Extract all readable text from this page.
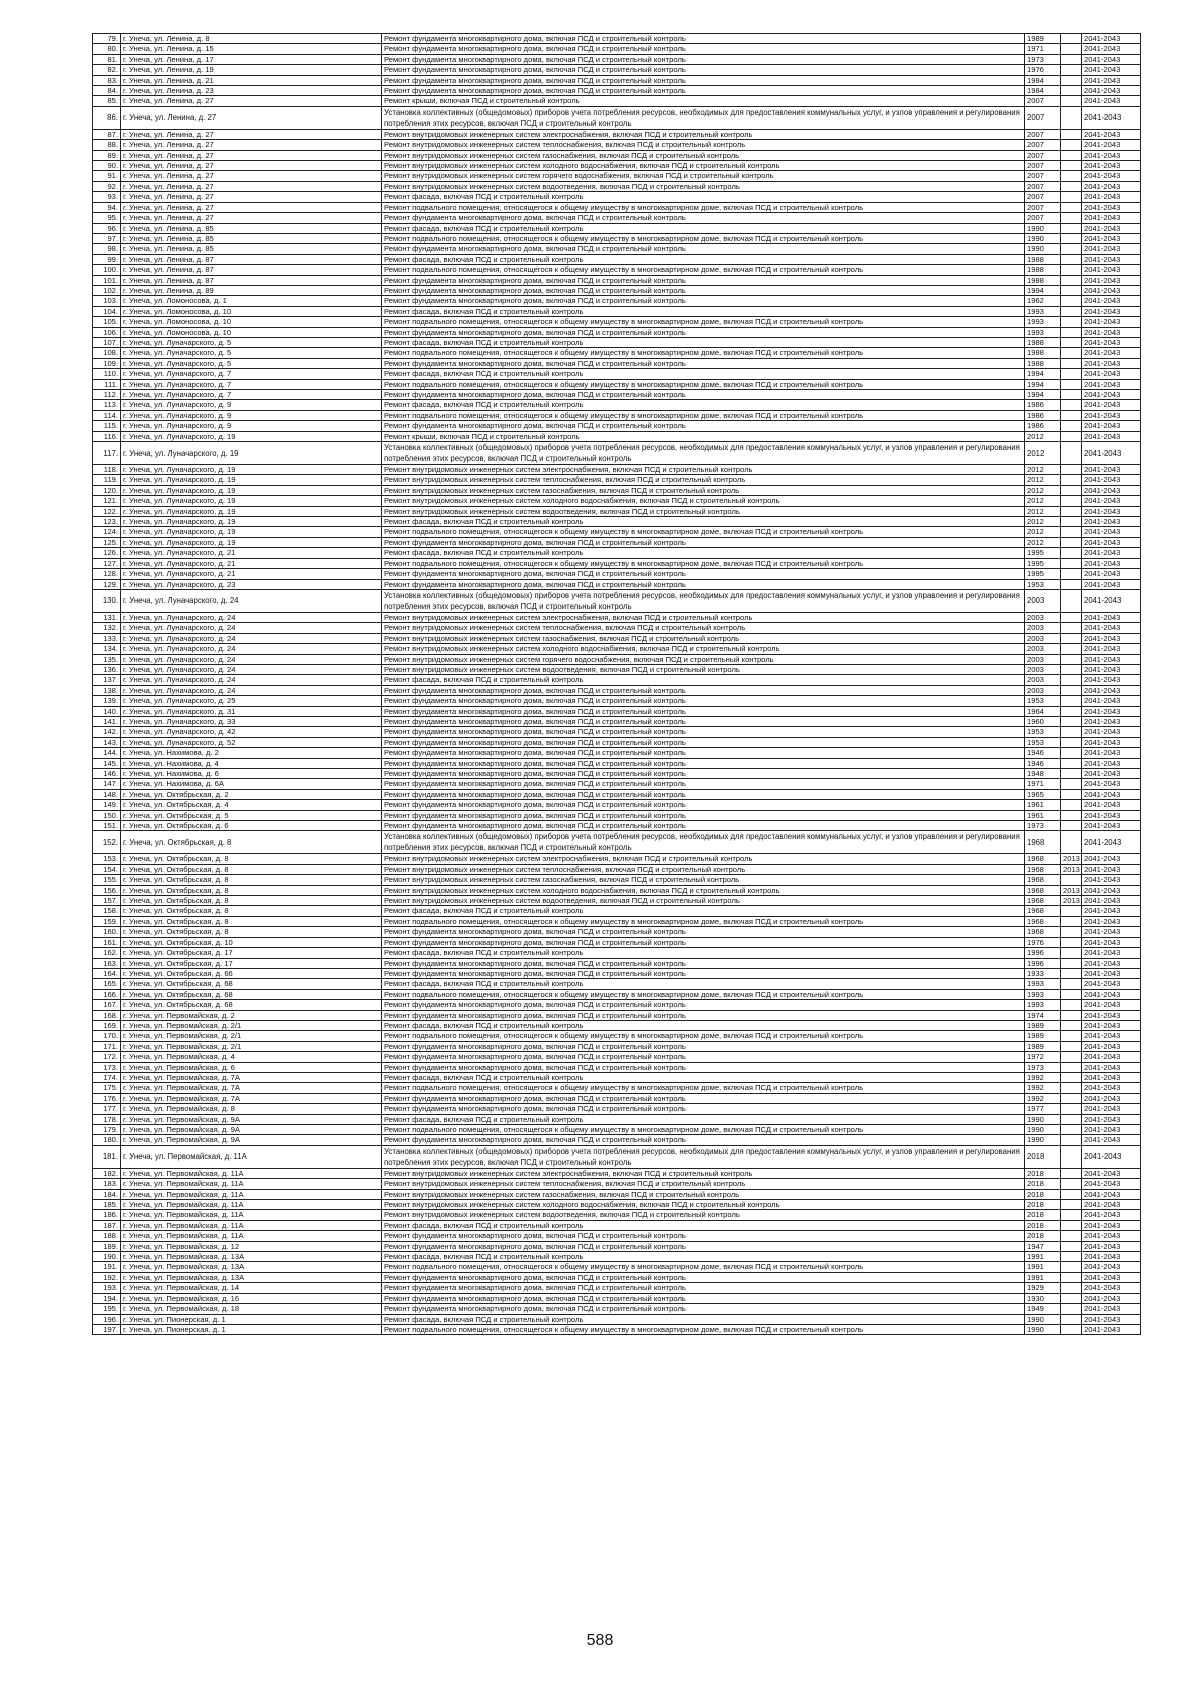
79.	г. Унеча, ул. Ленина, д. 8	Ремонт фундамента многоквартирного дома, включая ПСД и строительный контроль	1989		2041-2043
80.	г. Унеча, ул. Ленина, д. 15	Ремонт фундамента многоквартирного дома, включая ПСД и строительный контроль	1971		2041-2043
81.	г. Унеча, ул. Ленина, д. 17	Ремонт фундамента многоквартирного дома, включая ПСД и строительный контроль	1973		2041-2043
82.	г. Унеча, ул. Ленина, д. 19	Ремонт фундамента многоквартирного дома, включая ПСД и строительный контроль	1976		2041-2043
83.	г. Унеча, ул. Ленина, д. 21	Ремонт фундамента многоквартирного дома, включая ПСД и строительный контроль	1984		2041-2043
84.	г. Унеча, ул. Ленина, д. 23	Ремонт фундамента многоквартирного дома, включая ПСД и строительный контроль	1984		2041-2043
85.	г. Унеча, ул. Ленина, д. 27	Ремонт крыши, включая ПСД и строительный контроль	2007		2041-2043
86.	г. Унеча, ул. Ленина, д. 27	Установка коллективных (общедомовых) приборов учета потребления ресурсов, необходимых для предоставления коммунальных услуг, и узлов управления и регулирования потребления этих ресурсов, включая ПСД и строительный контроль	2007		2041-2043
87.	г. Унеча, ул. Ленина, д. 27	Ремонт внутридомовых инженерных систем электроснабжения, включая ПСД и строительный контроль	2007		2041-2043
88.	г. Унеча, ул. Ленина, д. 27	Ремонт внутридомовых инженерных систем теплоснабжения, включая ПСД и строительный контроль	2007		2041-2043
89.	г. Унеча, ул. Ленина, д. 27	Ремонт внутридомовых инженерных систем газоснабжения, включая ПСД и строительный контроль	2007		2041-2043
90.	г. Унеча, ул. Ленина, д. 27	Ремонт внутридомовых инженерных систем холодного водоснабжения, включая ПСД и строительный контроль	2007		2041-2043
91.	г. Унеча, ул. Ленина, д. 27	Ремонт внутридомовых инженерных систем горячего водоснабжения, включая ПСД и строительный контроль	2007		2041-2043
92.	г. Унеча, ул. Ленина, д. 27	Ремонт внутридомовых инженерных систем водоотведения, включая ПСД и строительный контроль	2007		2041-2043
93.	г. Унеча, ул. Ленина, д. 27	Ремонт фасада, включая ПСД и строительный контроль	2007		2041-2043
94.	г. Унеча, ул. Ленина, д. 27	Ремонт подвального помещения, относящегося к общему имуществу в многоквартирном доме, включая ПСД и строительный контроль	2007		2041-2043
95.	г. Унеча, ул. Ленина, д. 27	Ремонт фундамента многоквартирного дома, включая ПСД и строительный контроль	2007		2041-2043
96.	г. Унеча, ул. Ленина, д. 85	Ремонт фасада, включая ПСД и строительный контроль	1990		2041-2043
97.	г. Унеча, ул. Ленина, д. 85	Ремонт подвального помещения, относящегося к общему имуществу в многоквартирном доме, включая ПСД и строительный контроль	1990		2041-2043
98.	г. Унеча, ул. Ленина, д. 85	Ремонт фундамента многоквартирного дома, включая ПСД и строительный контроль	1990		2041-2043
99.	г. Унеча, ул. Ленина, д. 87	Ремонт фасада, включая ПСД и строительный контроль	1988		2041-2043
100.	г. Унеча, ул. Ленина, д. 87	Ремонт подвального помещения, относящегося к общему имуществу в многоквартирном доме, включая ПСД и строительный контроль	1988		2041-2043
101.	г. Унеча, ул. Ленина, д. 87	Ремонт фундамента многоквартирного дома, включая ПСД и строительный контроль	1988		2041-2043
102.	г. Унеча, ул. Ленина, д. 89	Ремонт фундамента многоквартирного дома, включая ПСД и строительный контроль	1994		2041-2043
103.	г. Унеча, ул. Ломоносова, д. 1	Ремонт фундамента многоквартирного дома, включая ПСД и строительный контроль	1962		2041-2043
104.	г. Унеча, ул. Ломоносова, д. 10	Ремонт фасада, включая ПСД и строительный контроль	1993		2041-2043
105.	г. Унеча, ул. Ломоносова, д. 10	Ремонт подвального помещения, относящегося к общему имуществу в многоквартирном доме, включая ПСД и строительный контроль	1993		2041-2043
106.	г. Унеча, ул. Ломоносова, д. 10	Ремонт фундамента многоквартирного дома, включая ПСД и строительный контроль	1993		2041-2043
107.	г. Унеча, ул. Луначарского, д. 5	Ремонт фасада, включая ПСД и строительный контроль	1988		2041-2043
108.	г. Унеча, ул. Луначарского, д. 5	Ремонт подвального помещения, относящегося к общему имуществу в многоквартирном доме, включая ПСД и строительный контроль	1988		2041-2043
109.	г. Унеча, ул. Луначарского, д. 5	Ремонт фундамента многоквартирного дома, включая ПСД и строительный контроль	1988		2041-2043
110.	г. Унеча, ул. Луначарского, д. 7	Ремонт фасада, включая ПСД и строительный контроль	1994		2041-2043
111.	г. Унеча, ул. Луначарского, д. 7	Ремонт подвального помещения, относящегося к общему имуществу в многоквартирном доме, включая ПСД и строительный контроль	1994		2041-2043
112.	г. Унеча, ул. Луначарского, д. 7	Ремонт фундамента многоквартирного дома, включая ПСД и строительный контроль	1994		2041-2043
113.	г. Унеча, ул. Луначарского, д. 9	Ремонт фасада, включая ПСД и строительный контроль	1986		2041-2043
114.	г. Унеча, ул. Луначарского, д. 9	Ремонт подвального помещения, относящегося к общему имуществу в многоквартирном доме, включая ПСД и строительный контроль	1986		2041-2043
115.	г. Унеча, ул. Луначарского, д. 9	Ремонт фундамента многоквартирного дома, включая ПСД и строительный контроль	1986		2041-2043
116.	г. Унеча, ул. Луначарского, д. 19	Ремонт крыши, включая ПСД и строительный контроль	2012		2041-2043
117.	г. Унеча, ул. Луначарского, д. 19	Установка коллективных (общедомовых) приборов учета потребления ресурсов, необходимых для предоставления коммунальных услуг, и узлов управления и регулирования потребления этих ресурсов, включая ПСД и строительный контроль	2012		2041-2043
118.	г. Унеча, ул. Луначарского, д. 19	Ремонт внутридомовых инженерных систем электроснабжения, включая ПСД и строительный контроль	2012		2041-2043
119.	г. Унеча, ул. Луначарского, д. 19	Ремонт внутридомовых инженерных систем теплоснабжения, включая ПСД и строительный контроль	2012		2041-2043
120.	г. Унеча, ул. Луначарского, д. 19	Ремонт внутридомовых инженерных систем газоснабжения, включая ПСД и строительный контроль	2012		2041-2043
121.	г. Унеча, ул. Луначарского, д. 19	Ремонт внутридомовых инженерных систем холодного водоснабжения, включая ПСД и строительный контроль	2012		2041-2043
122.	г. Унеча, ул. Луначарского, д. 19	Ремонт внутридомовых инженерных систем водоотведения, включая ПСД и строительный контроль	2012		2041-2043
123.	г. Унеча, ул. Луначарского, д. 19	Ремонт фасада, включая ПСД и строительный контроль	2012		2041-2043
124.	г. Унеча, ул. Луначарского, д. 19	Ремонт подвального помещения, относящегося к общему имуществу в многоквартирном доме, включая ПСД и строительный контроль	2012		2041-2043
125.	г. Унеча, ул. Луначарского, д. 19	Ремонт фундамента многоквартирного дома, включая ПСД и строительный контроль	2012		2041-2043
126.	г. Унеча, ул. Луначарского, д. 21	Ремонт фасада, включая ПСД и строительный контроль	1995		2041-2043
127.	г. Унеча, ул. Луначарского, д. 21	Ремонт подвального помещения, относящегося к общему имуществу в многоквартирном доме, включая ПСД и строительный контроль	1995		2041-2043
128.	г. Унеча, ул. Луначарского, д. 21	Ремонт фундамента многоквартирного дома, включая ПСД и строительный контроль	1995		2041-2043
129.	г. Унеча, ул. Луначарского, д. 23	Ремонт фундамента многоквартирного дома, включая ПСД и строительный контроль	1953		2041-2043
130.	г. Унеча, ул. Луначарского, д. 24	Установка коллективных (общедомовых) приборов учета потребления ресурсов, необходимых для предоставления коммунальных услуг, и узлов управления и регулирования потребления этих ресурсов, включая ПСД и строительный контроль	2003		2041-2043
131.	г. Унеча, ул. Луначарского, д. 24	Ремонт внутридомовых инженерных систем электроснабжения, включая ПСД и строительный контроль	2003		2041-2043
132.	г. Унеча, ул. Луначарского, д. 24	Ремонт внутридомовых инженерных систем теплоснабжения, включая ПСД и строительный контроль	2003		2041-2043
133.	г. Унеча, ул. Луначарского, д. 24	Ремонт внутридомовых инженерных систем газоснабжения, включая ПСД и строительный контроль	2003		2041-2043
134.	г. Унеча, ул. Луначарского, д. 24	Ремонт внутридомовых инженерных систем холодного водоснабжения, включая ПСД и строительный контроль	2003		2041-2043
135.	г. Унеча, ул. Луначарского, д. 24	Ремонт внутридомовых инженерных систем горячего водоснабжения, включая ПСД и строительный контроль	2003		2041-2043
136.	г. Унеча, ул. Луначарского, д. 24	Ремонт внутридомовых инженерных систем водоотведения, включая ПСД и строительный контроль	2003		2041-2043
137.	г. Унеча, ул. Луначарского, д. 24	Ремонт фасада, включая ПСД и строительный контроль	2003		2041-2043
138.	г. Унеча, ул. Луначарского, д. 24	Ремонт фундамента многоквартирного дома, включая ПСД и строительный контроль	2003		2041-2043
139.	г. Унеча, ул. Луначарского, д. 25	Ремонт фундамента многоквартирного дома, включая ПСД и строительный контроль	1953		2041-2043
140.	г. Унеча, ул. Луначарского, д. 31	Ремонт фундамента многоквартирного дома, включая ПСД и строительный контроль	1964		2041-2043
141.	г. Унеча, ул. Луначарского, д. 33	Ремонт фундамента многоквартирного дома, включая ПСД и строительный контроль	1960		2041-2043
142.	г. Унеча, ул. Луначарского, д. 42	Ремонт фундамента многоквартирного дома, включая ПСД и строительный контроль	1953		2041-2043
143.	г. Унеча, ул. Луначарского, д. 52	Ремонт фундамента многоквартирного дома, включая ПСД и строительный контроль	1953		2041-2043
144.	г. Унеча, ул. Нахимова, д. 2	Ремонт фундамента многоквартирного дома, включая ПСД и строительный контроль	1946		2041-2043
145.	г. Унеча, ул. Нахимова, д. 4	Ремонт фундамента многоквартирного дома, включая ПСД и строительный контроль	1946		2041-2043
146.	г. Унеча, ул. Нахимова, д. 6	Ремонт фундамента многоквартирного дома, включая ПСД и строительный контроль	1948		2041-2043
147.	г. Унеча, ул. Нахимова, д. 6А	Ремонт фундамента многоквартирного дома, включая ПСД и строительный контроль	1971		2041-2043
148.	г. Унеча, ул. Октябрьская, д. 2	Ремонт фундамента многоквартирного дома, включая ПСД и строительный контроль	1965		2041-2043
149.	г. Унеча, ул. Октябрьская, д. 4	Ремонт фундамента многоквартирного дома, включая ПСД и строительный контроль	1961		2041-2043
150.	г. Унеча, ул. Октябрьская, д. 5	Ремонт фундамента многоквартирного дома, включая ПСД и строительный контроль	1961		2041-2043
151.	г. Унеча, ул. Октябрьская, д. 6	Ремонт фундамента многоквартирного дома, включая ПСД и строительный контроль	1973		2041-2043
152.	г. Унеча, ул. Октябрьская, д. 8	Установка коллективных (общедомовых) приборов учета потребления ресурсов, необходимых для предоставления коммунальных услуг, и узлов управления и регулирования потребления этих ресурсов, включая ПСД и строительный контроль	1968		2041-2043
153.	г. Унеча, ул. Октябрьская, д. 8	Ремонт внутридомовых инженерных систем электроснабжения, включая ПСД и строительный контроль	1968	2013	2041-2043
154.	г. Унеча, ул. Октябрьская, д. 8	Ремонт внутридомовых инженерных систем теплоснабжения, включая ПСД и строительный контроль	1968	2013	2041-2043
155.	г. Унеча, ул. Октябрьская, д. 8	Ремонт внутридомовых инженерных систем газоснабжения, включая ПСД и строительный контроль	1968		2041-2043
156.	г. Унеча, ул. Октябрьская, д. 8	Ремонт внутридомовых инженерных систем холодного водоснабжения, включая ПСД и строительный контроль	1968	2013	2041-2043
157.	г. Унеча, ул. Октябрьская, д. 8	Ремонт внутридомовых инженерных систем водоотведения, включая ПСД и строительный контроль	1968	2013	2041-2043
158.	г. Унеча, ул. Октябрьская, д. 8	Ремонт фасада, включая ПСД и строительный контроль	1968		2041-2043
159.	г. Унеча, ул. Октябрьская, д. 8	Ремонт подвального помещения, относящегося к общему имуществу в многоквартирном доме, включая ПСД и строительный контроль	1968		2041-2043
160.	г. Унеча, ул. Октябрьская, д. 8	Ремонт фундамента многоквартирного дома, включая ПСД и строительный контроль	1968		2041-2043
161.	г. Унеча, ул. Октябрьская, д. 10	Ремонт фундамента многоквартирного дома, включая ПСД и строительный контроль	1976		2041-2043
162.	г. Унеча, ул. Октябрьская, д. 17	Ремонт фасада, включая ПСД и строительный контроль	1996		2041-2043
163.	г. Унеча, ул. Октябрьская, д. 17	Ремонт фундамента многоквартирного дома, включая ПСД и строительный контроль	1996		2041-2043
164.	г. Унеча, ул. Октябрьская, д. 66	Ремонт фундамента многоквартирного дома, включая ПСД и строительный контроль	1933		2041-2043
165.	г. Унеча, ул. Октябрьская, д. 68	Ремонт фасада, включая ПСД и строительный контроль	1993		2041-2043
166.	г. Унеча, ул. Октябрьская, д. 68	Ремонт подвального помещения, относящегося к общему имуществу в многоквартирном доме, включая ПСД и строительный контроль	1993		2041-2043
167.	г. Унеча, ул. Октябрьская, д. 68	Ремонт фундамента многоквартирного дома, включая ПСД и строительный контроль	1993		2041-2043
168.	г. Унеча, ул. Первомайская, д. 2	Ремонт фундамента многоквартирного дома, включая ПСД и строительный контроль	1974		2041-2043
169.	г. Унеча, ул. Первомайская, д. 2/1	Ремонт фасада, включая ПСД и строительный контроль	1989		2041-2043
170.	г. Унеча, ул. Первомайская, д. 2/1	Ремонт подвального помещения, относящегося к общему имуществу в многоквартирном доме, включая ПСД и строительный контроль	1989		2041-2043
171.	г. Унеча, ул. Первомайская, д. 2/1	Ремонт фундамента многоквартирного дома, включая ПСД и строительный контроль	1989		2041-2043
172.	г. Унеча, ул. Первомайская, д. 4	Ремонт фундамента многоквартирного дома, включая ПСД и строительный контроль	1972		2041-2043
173.	г. Унеча, ул. Первомайская, д. 6	Ремонт фундамента многоквартирного дома, включая ПСД и строительный контроль	1973		2041-2043
174.	г. Унеча, ул. Первомайская, д. 7А	Ремонт фасада, включая ПСД и строительный контроль	1992		2041-2043
175.	г. Унеча, ул. Первомайская, д. 7А	Ремонт подвального помещения, относящегося к общему имуществу в многоквартирном доме, включая ПСД и строительный контроль	1992		2041-2043
176.	г. Унеча, ул. Первомайская, д. 7А	Ремонт фундамента многоквартирного дома, включая ПСД и строительный контроль	1992		2041-2043
177.	г. Унеча, ул. Первомайская, д. 8	Ремонт фундамента многоквартирного дома, включая ПСД и строительный контроль	1977		2041-2043
178.	г. Унеча, ул. Первомайская, д. 9А	Ремонт фасада, включая ПСД и строительный контроль	1990		2041-2043
179.	г. Унеча, ул. Первомайская, д. 9А	Ремонт подвального помещения, относящегося к общему имуществу в многоквартирном доме, включая ПСД и строительный контроль	1990		2041-2043
180.	г. Унеча, ул. Первомайская, д. 9А	Ремонт фундамента многоквартирного дома, включая ПСД и строительный контроль	1990		2041-2043
181.	г. Унеча, ул. Первомайская, д. 11А	Установка коллективных (общедомовых) приборов учета потребления ресурсов, необходимых для предоставления коммунальных услуг, и узлов управления и регулирования потребления этих ресурсов, включая ПСД и строительный контроль	2018		2041-2043
182.	г. Унеча, ул. Первомайская, д. 11А	Ремонт внутридомовых инженерных систем электроснабжения, включая ПСД и строительный контроль	2018		2041-2043
183.	г. Унеча, ул. Первомайская, д. 11А	Ремонт внутридомовых инженерных систем теплоснабжения, включая ПСД и строительный контроль	2018		2041-2043
184.	г. Унеча, ул. Первомайская, д. 11А	Ремонт внутридомовых инженерных систем газоснабжения, включая ПСД и строительный контроль	2018		2041-2043
185.	г. Унеча, ул. Первомайская, д. 11А	Ремонт внутридомовых инженерных систем холодного водоснабжения, включая ПСД и строительный контроль	2018		2041-2043
186.	г. Унеча, ул. Первомайская, д. 11А	Ремонт внутридомовых инженерных систем водоотведения, включая ПСД и строительный контроль	2018		2041-2043
187.	г. Унеча, ул. Первомайская, д. 11А	Ремонт фасада, включая ПСД и строительный контроль	2018		2041-2043
188.	г. Унеча, ул. Первомайская, д. 11А	Ремонт фундамента многоквартирного дома, включая ПСД и строительный контроль	2018		2041-2043
189.	г. Унеча, ул. Первомайская, д. 12	Ремонт фундамента многоквартирного дома, включая ПСД и строительный контроль	1947		2041-2043
190.	г. Унеча, ул. Первомайская, д. 13А	Ремонт фасада, включая ПСД и строительный контроль	1991		2041-2043
191.	г. Унеча, ул. Первомайская, д. 13А	Ремонт подвального помещения, относящегося к общему имуществу в многоквартирном доме, включая ПСД и строительный контроль	1991		2041-2043
192.	г. Унеча, ул. Первомайская, д. 13А	Ремонт фундамента многоквартирного дома, включая ПСД и строительный контроль	1991		2041-2043
193.	г. Унеча, ул. Первомайская, д. 14	Ремонт фундамента многоквартирного дома, включая ПСД и строительный контроль	1929		2041-2043
194.	г. Унеча, ул. Первомайская, д. 16	Ремонт фундамента многоквартирного дома, включая ПСД и строительный контроль	1930		2041-2043
195.	г. Унеча, ул. Первомайская, д. 18	Ремонт фундамента многоквартирного дома, включая ПСД и строительный контроль	1949		2041-2043
196.	г. Унеча, ул. Пионерская, д. 1	Ремонт фасада, включая ПСД и строительный контроль	1990		2041-2043
197.	г. Унеча, ул. Пионерская, д. 1	Ремонт подвального помещения, относящегося к общему имуществу в многоквартирном доме, включая ПСД и строительный контроль	1990		2041-2043
588
